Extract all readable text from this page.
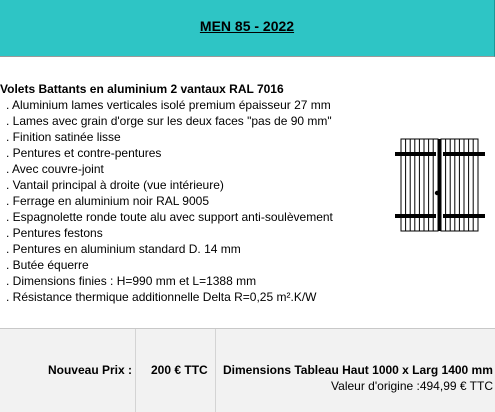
MEN 85 - 2022
Volets Battants en aluminium 2 vantaux RAL 7016
. Aluminium lames verticales isolé premium épaisseur 27 mm
. Lames avec grain d'orge sur les deux faces "pas de 90 mm"
. Finition satinée lisse
. Pentures et contre-pentures
. Avec couvre-joint
. Vantail principal à droite (vue intérieure)
. Ferrage en aluminium noir RAL 9005
. Espagnolette ronde toute alu avec support anti-soulèvement
. Pentures festons
. Pentures en aluminium standard D. 14 mm
. Butée équerre
. Dimensions finies : H=990 mm et L=1388 mm
. Résistance thermique additionnelle Delta R=0,25 m².K/W
Nouveau Prix : 200 € TTC Dimensions Tableau Haut 1000 x Larg 1400 mm
Valeur d'origine :494,99 € TTC
